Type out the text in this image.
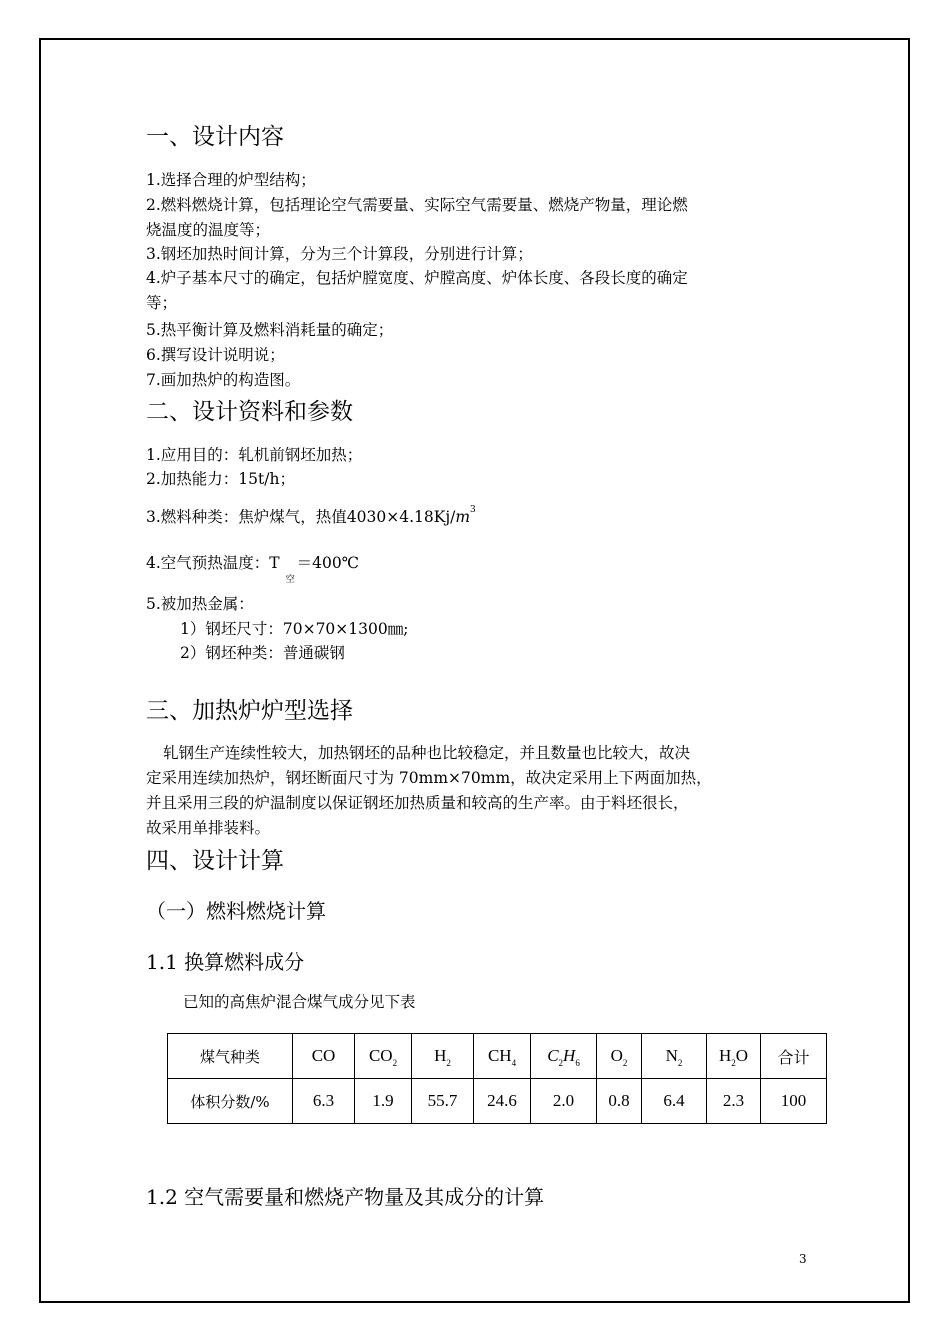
一、设计内容
1.选择合理的炉型结构；
2.燃料燃烧计算，包括理论空气需要量、实际空气需要量、燃烧产物量，理论燃
烧温度的温度等；
3.钢坯加热时间计算，分为三个计算段，分别进行计算；
4.炉子基本尺寸的确定，包括炉膛宽度、炉膛高度、炉体长度、各段长度的确定
等；
5.热平衡计算及燃料消耗量的确定；
6.撰写设计说明说；
7.画加热炉的构造图。
二、设计资料和参数
1.应用目的：轧机前钢坯加热；
2.加热能力：15t/h；
3.燃料种类：焦炉煤气，热值$4030\times 4.18Kj/m^3$
4.空气预热温度：$T_空=400℃$
5.被加热金属：
1）钢坯尺寸：70×70×1300㎜;
2）钢坯种类：普通碳钢
三、加热炉炉型选择
轧钢生产连续性较大，加热钢坯的品种也比较稳定，并且数量也比较大，故决
定采用连续加热炉，钢坯断面尺寸为 70mm×70mm，故决定采用上下两面加热，
并且采用三段的炉温制度以保证钢坯加热质量和较高的生产率。由于料坯很长，
故采用单排装料。
四、设计计算
（一）燃料燃烧计算
1.1 换算燃料成分
已知的高焦炉混合煤气成分见下表
煤气种类	CO	$CO_2$	$H_2$	$CH_4$	$C_2H_6$	$O_2$	$N_2$	$H_2O$	合计
体积分数/%	6.3	1.9	55.7	24.6	2.0	0.8	6.4	2.3	100
1.2 空气需要量和燃烧产物量及其成分的计算
3
